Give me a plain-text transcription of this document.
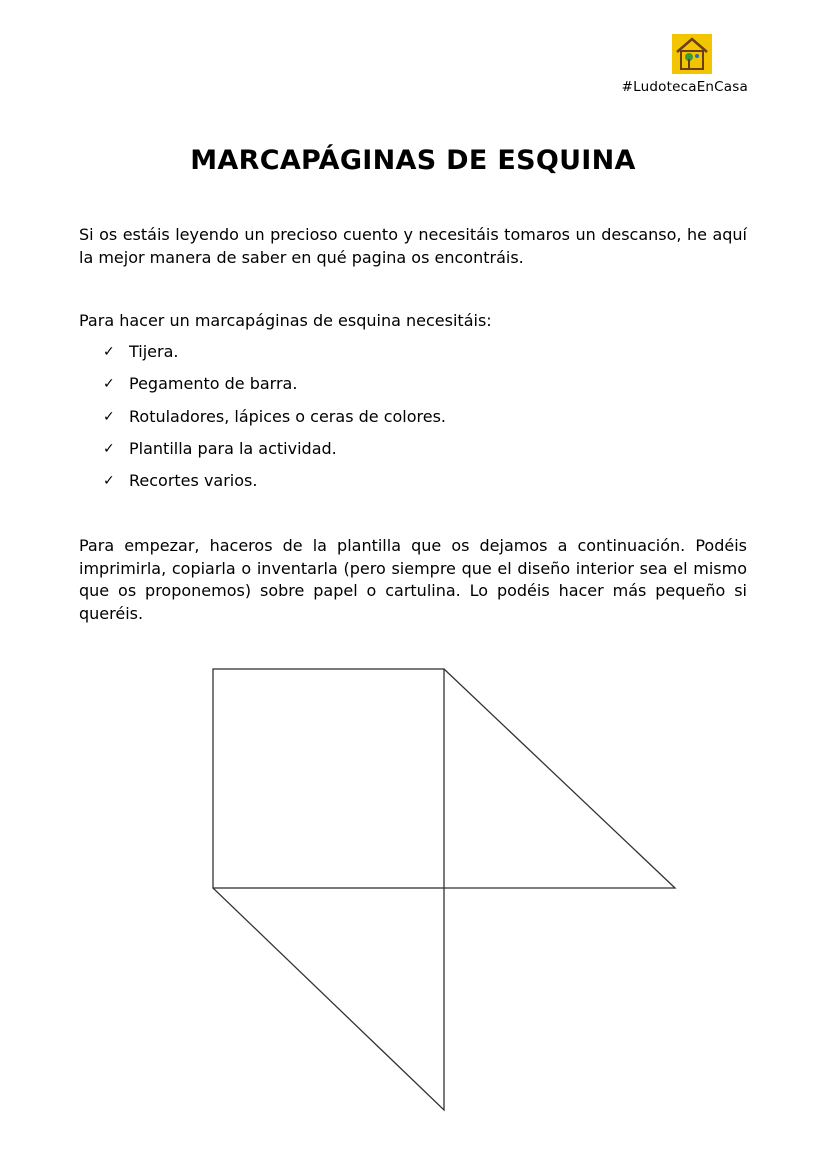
#LudotecaEnCasa
MARCAPÁGINAS DE ESQUINA

Si os estáis leyendo un precioso cuento y necesitáis tomaros un descanso, he aquí la mejor manera de saber en qué pagina os encontráis.

Para hacer un marcapáginas de esquina necesitáis:

✓ Tijera.
✓ Pegamento de barra.
✓ Rotuladores, lápices o ceras de colores.
✓ Plantilla para la actividad.
✓ Recortes varios.

Para empezar, haceros de la plantilla que os dejamos a continuación. Podéis imprimirla, copiarla o inventarla (pero siempre que el diseño interior sea el mismo que os proponemos) sobre papel o cartulina. Lo podéis hacer más pequeño si queréis.
